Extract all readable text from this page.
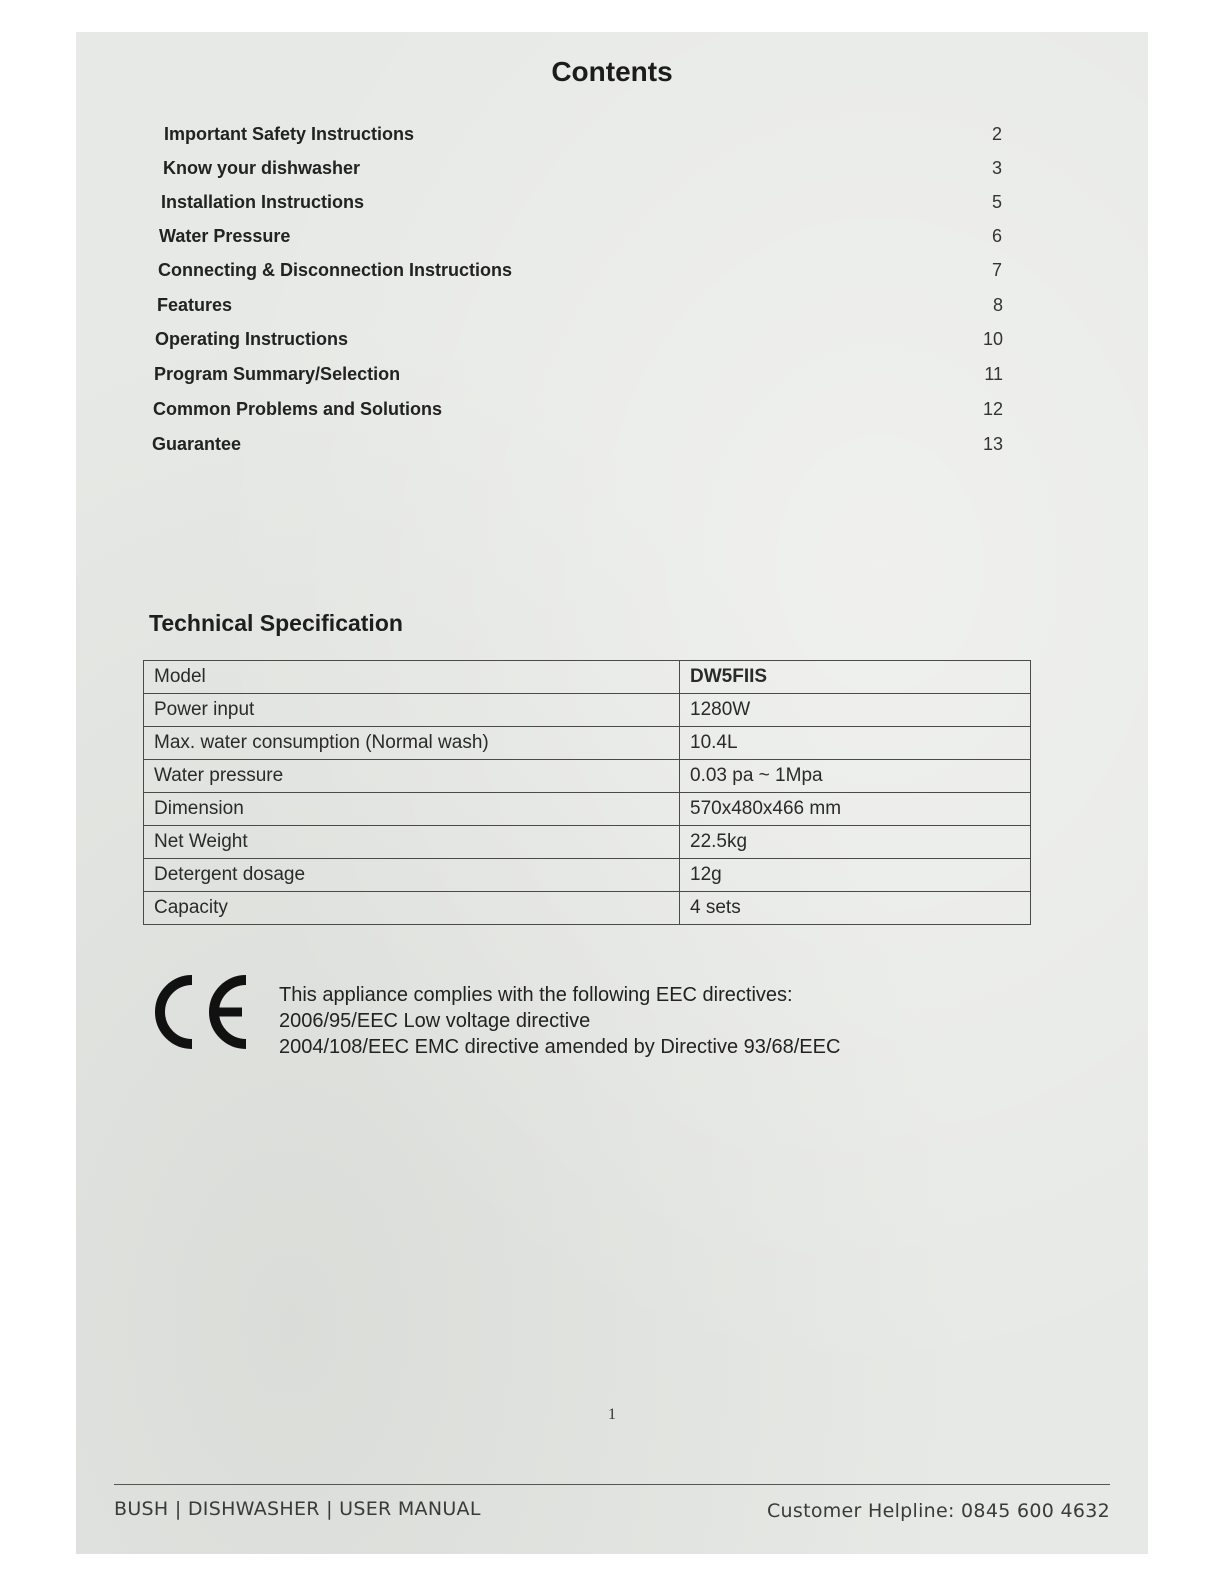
Contents
Important Safety Instructions	2
Know your dishwasher	3
Installation Instructions	5
Water Pressure	6
Connecting & Disconnection Instructions	7
Features	8
Operating Instructions	10
Program Summary/Selection	11
Common Problems and Solutions	12
Guarantee	13
Technical Specification
Model	DW5FIIS
Power input	1280W
Max. water consumption (Normal wash)	10.4L
Water pressure	0.03 pa ~ 1Mpa
Dimension	570x480x466 mm
Net Weight	22.5kg
Detergent dosage	12g
Capacity	4 sets
This appliance complies with the following EEC directives:
2006/95/EEC Low voltage directive
2004/108/EEC EMC directive amended by Directive 93/68/EEC
1
BUSH | DISHWASHER | USER MANUAL	Customer Helpline: 0845 600 4632
